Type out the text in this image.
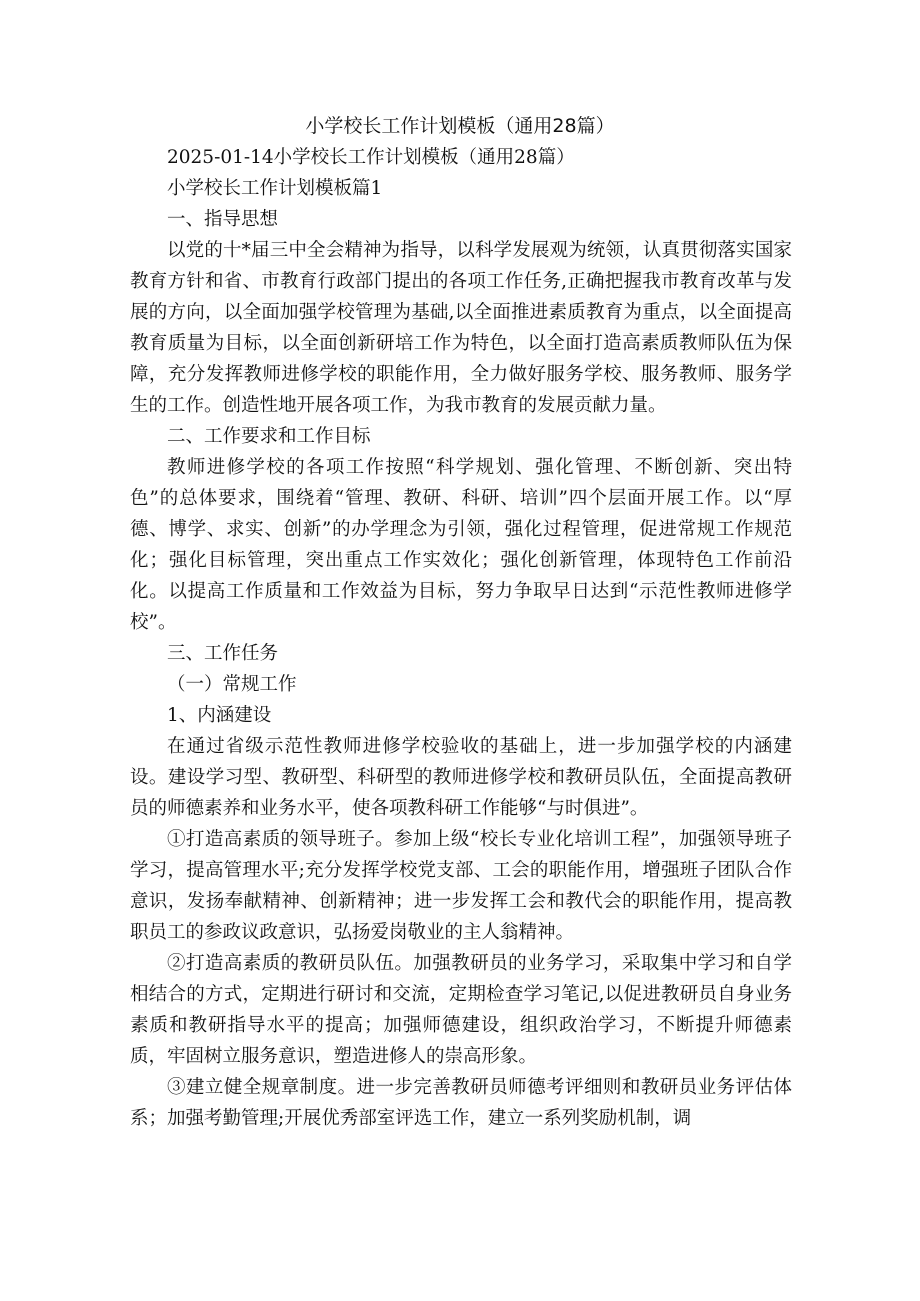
小学校长工作计划模板（通用28篇）

2025-01-14小学校长工作计划模板（通用28篇）

小学校长工作计划模板篇1

一、指导思想

以党的十*届三中全会精神为指导，以科学发展观为统领，认真贯彻落实国家教育方针和省、市教育行政部门提出的各项工作任务,正确把握我市教育改革与发展的方向，以全面加强学校管理为基础,以全面推进素质教育为重点，以全面提高教育质量为目标，以全面创新研培工作为特色，以全面打造高素质教师队伍为保障，充分发挥教师进修学校的职能作用，全力做好服务学校、服务教师、服务学生的工作。创造性地开展各项工作，为我市教育的发展贡献力量。

二、工作要求和工作目标

教师进修学校的各项工作按照“科学规划、强化管理、不断创新、突出特色”的总体要求，围绕着“管理、教研、科研、培训”四个层面开展工作。以“厚德、博学、求实、创新”的办学理念为引领，强化过程管理，促进常规工作规范化；强化目标管理，突出重点工作实效化；强化创新管理，体现特色工作前沿化。以提高工作质量和工作效益为目标，努力争取早日达到“示范性教师进修学校”。

三、工作任务

（一）常规工作

1、内涵建设

在通过省级示范性教师进修学校验收的基础上，进一步加强学校的内涵建设。建设学习型、教研型、科研型的教师进修学校和教研员队伍，全面提高教研员的师德素养和业务水平，使各项教科研工作能够“与时俱进”。

①打造高素质的领导班子。参加上级“校长专业化培训工程”，加强领导班子学习，提高管理水平;充分发挥学校党支部、工会的职能作用，增强班子团队合作意识，发扬奉献精神、创新精神；进一步发挥工会和教代会的职能作用，提高教职员工的参政议政意识，弘扬爱岗敬业的主人翁精神。

②打造高素质的教研员队伍。加强教研员的业务学习，采取集中学习和自学相结合的方式，定期进行研讨和交流，定期检查学习笔记,以促进教研员自身业务素质和教研指导水平的提高；加强师德建设，组织政治学习，不断提升师德素质，牢固树立服务意识，塑造进修人的崇高形象。

③建立健全规章制度。进一步完善教研员师德考评细则和教研员业务评估体系；加强考勤管理;开展优秀部室评选工作，建立一系列奖励机制，调
